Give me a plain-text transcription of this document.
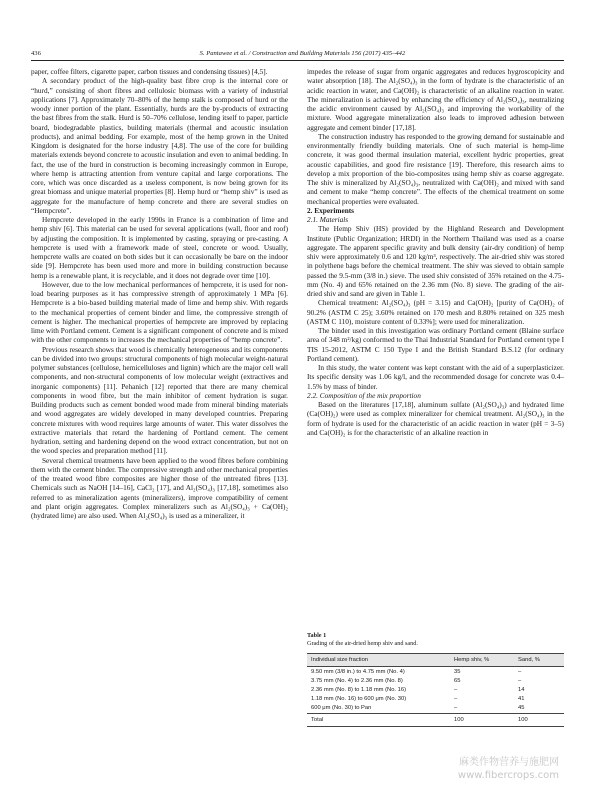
436	S. Pantawee et al. / Construction and Building Materials 156 (2017) 435–442

paper, coffee filters, cigarette paper, carbon tissues and condensing tissues) [4,5].

A secondary product of the high-quality bast fibre crop is the internal core or “hurd,” consisting of short fibres and cellulosic biomass with a variety of industrial applications [7]. Approximately 70–80% of the hemp stalk is composed of hurd or the woody inner portion of the plant. Essentially, hurds are the by-products of extracting the bast fibres from the stalk. Hurd is 50–70% cellulose, lending itself to paper, particle board, biodegradable plastics, building materials (thermal and acoustic insulation products), and animal bedding. For example, most of the hemp grown in the United Kingdom is designated for the horse industry [4,8]. The use of the core for building materials extends beyond concrete to acoustic insulation and even to animal bedding. In fact, the use of the hurd in construction is becoming increasingly common in Europe, where hemp is attracting attention from venture capital and large corporations. The core, which was once discarded as a useless component, is now being grown for its great biomass and unique material properties [8]. Hemp hurd or “hemp shiv” is used as aggregate for the manufacture of hemp concrete and there are several studies on “Hempcrete”.

Hempcrete developed in the early 1990s in France is a combination of lime and hemp shiv [6]. This material can be used for several applications (wall, floor and roof) by adjusting the composition. It is implemented by casting, spraying or pre-casting. A hempcrete is used with a framework made of steel, concrete or wood. Usually, hempcrete walls are coated on both sides but it can occasionally be bare on the indoor side [9]. Hempcrete has been used more and more in building construction because hemp is a renewable plant, it is recyclable, and it does not degrade over time [10].

However, due to the low mechanical performances of hempcrete, it is used for non-load bearing purposes as it has compressive strength of approximately 1 MPa [6]. Hempcrete is a bio-based building material made of lime and hemp shiv. With regards to the mechanical properties of cement binder and lime, the compressive strength of cement is higher. The mechanical properties of hempcrete are improved by replacing lime with Portland cement. Cement is a significant component of concrete and is mixed with the other components to increases the mechanical properties of “hemp concrete”.

Previous research shows that wood is chemically heterogeneous and its components can be divided into two groups: structural components of high molecular weight-natural polymer substances (cellulose, hemicelluloses and lignin) which are the major cell wall components, and non-structural components of low molecular weight (extractives and inorganic components) [11]. Pehanich [12] reported that there are many chemical components in wood fibre, but the main inhibitor of cement hydration is sugar. Building products such as cement bonded wood made from mineral binding materials and wood aggregates are widely developed in many developed countries. Preparing concrete mixtures with wood requires large amounts of water. This water dissolves the extractive materials that retard the hardening of Portland cement. The cement hydration, setting and hardening depend on the wood extract concentration, but not on the wood species and preparation method [11].

Several chemical treatments have been applied to the wood fibres before combining them with the cement binder. The compressive strength and other mechanical properties of the treated wood fibre composites are higher those of the untreated fibres [13]. Chemicals such as NaOH [14–16], CaCl₂ [17], and Al₂(SO₄)₃ [17,18], sometimes also referred to as mineralization agents (mineralizers), improve compatibility of cement and plant origin aggregates. Complex mineralizers such as Al₂(SO₄)₃ + Ca(OH)₂ (hydrated lime) are also used. When Al₂(SO₄)₃ is used as a mineralizer, it

impedes the release of sugar from organic aggregates and reduces hygroscopicity and water absorption [18]. The Al₂(SO₄)₃ in the form of hydrate is the characteristic of an acidic reaction in water, and Ca(OH)₂ is characteristic of an alkaline reaction in water. The mineralization is achieved by enhancing the efficiency of Al₂(SO₄)₃, neutralizing the acidic environment caused by Al₂(SO₄)₃ and improving the workability of the mixture. Wood aggregate mineralization also leads to improved adhesion between aggregate and cement binder [17,18].

The construction industry has responded to the growing demand for sustainable and environmentally friendly building materials. One of such material is hemp-lime concrete, it was good thermal insulation material, excellent hydric properties, great acoustic capabilities, and good fire resistance [19]. Therefore, this research aims to develop a mix proportion of the bio-composites using hemp shiv as coarse aggregate. The shiv is mineralized by Al₂(SO₄)₃, neutralized with Ca(OH)₂ and mixed with sand and cement to make “hemp concrete”. The effects of the chemical treatment on some mechanical properties were evaluated.

2. Experiments

2.1. Materials

The Hemp Shiv (HS) provided by the Highland Research and Development Institute (Public Organization; HRDI) in the Northern Thailand was used as a coarse aggregate. The apparent specific gravity and bulk density (air-dry condition) of hemp shiv were approximately 0.6 and 120 kg/m³, respectively. The air-dried shiv was stored in polythene bags before the chemical treatment. The shiv was sieved to obtain sample passed the 9.5-mm (3/8 in.) sieve. The used shiv consisted of 35% retained on the 4.75-mm (No. 4) and 65% retained on the 2.36 mm (No. 8) sieve. The grading of the air-dried shiv and sand are given in Table 1.

Chemical treatment: Al₂(SO₄)₃ (pH = 3.15) and Ca(OH)₂ [purity of Ca(OH)₂ of 90.2% (ASTM C 25); 3.60% retained on 170 mesh and 8.80% retained on 325 mesh (ASTM C 110), moisture content of 0.33%]; were used for mineralization.

The binder used in this investigation was ordinary Portland cement (Blaine surface area of 348 m²/kg) conformed to the Thai Industrial Standard for Portland cement type I TIS 15-2012, ASTM C 150 Type I and the British Standard B.S.12 (for ordinary Portland cement).

In this study, the water content was kept constant with the aid of a superplasticizer. Its specific density was 1.06 kg/l, and the recommended dosage for concrete was 0.4–1.5% by mass of binder.

2.2. Composition of the mix proportion

Based on the literatures [17,18], aluminum sulfate (Al₂(SO₄)₃) and hydrated lime (Ca(OH)₂) were used as complex mineralizer for chemical treatment. Al₂(SO₄)₃ in the form of hydrate is used for the characteristic of an acidic reaction in water (pH = 3–5) and Ca(OH)₂ is for the characteristic of an alkaline reaction in

Table 1
Grading of the air-dried hemp shiv and sand.
Individual size fraction	Hemp shiv, %	Sand, %
9.50 mm (3/8 in.) to 4.75 mm (No. 4)	35	–
3.75 mm (No. 4) to 2.36 mm (No. 8)	65	–
2.36 mm (No. 8) to 1.18 mm (No. 16)	–	14
1.18 mm (No. 16) to 600 μm (No. 30)	–	41
600 μm (No. 30) to Pan	–	45
Total	100	100
麻类作物营养与施肥网
www.fibercrops.com
